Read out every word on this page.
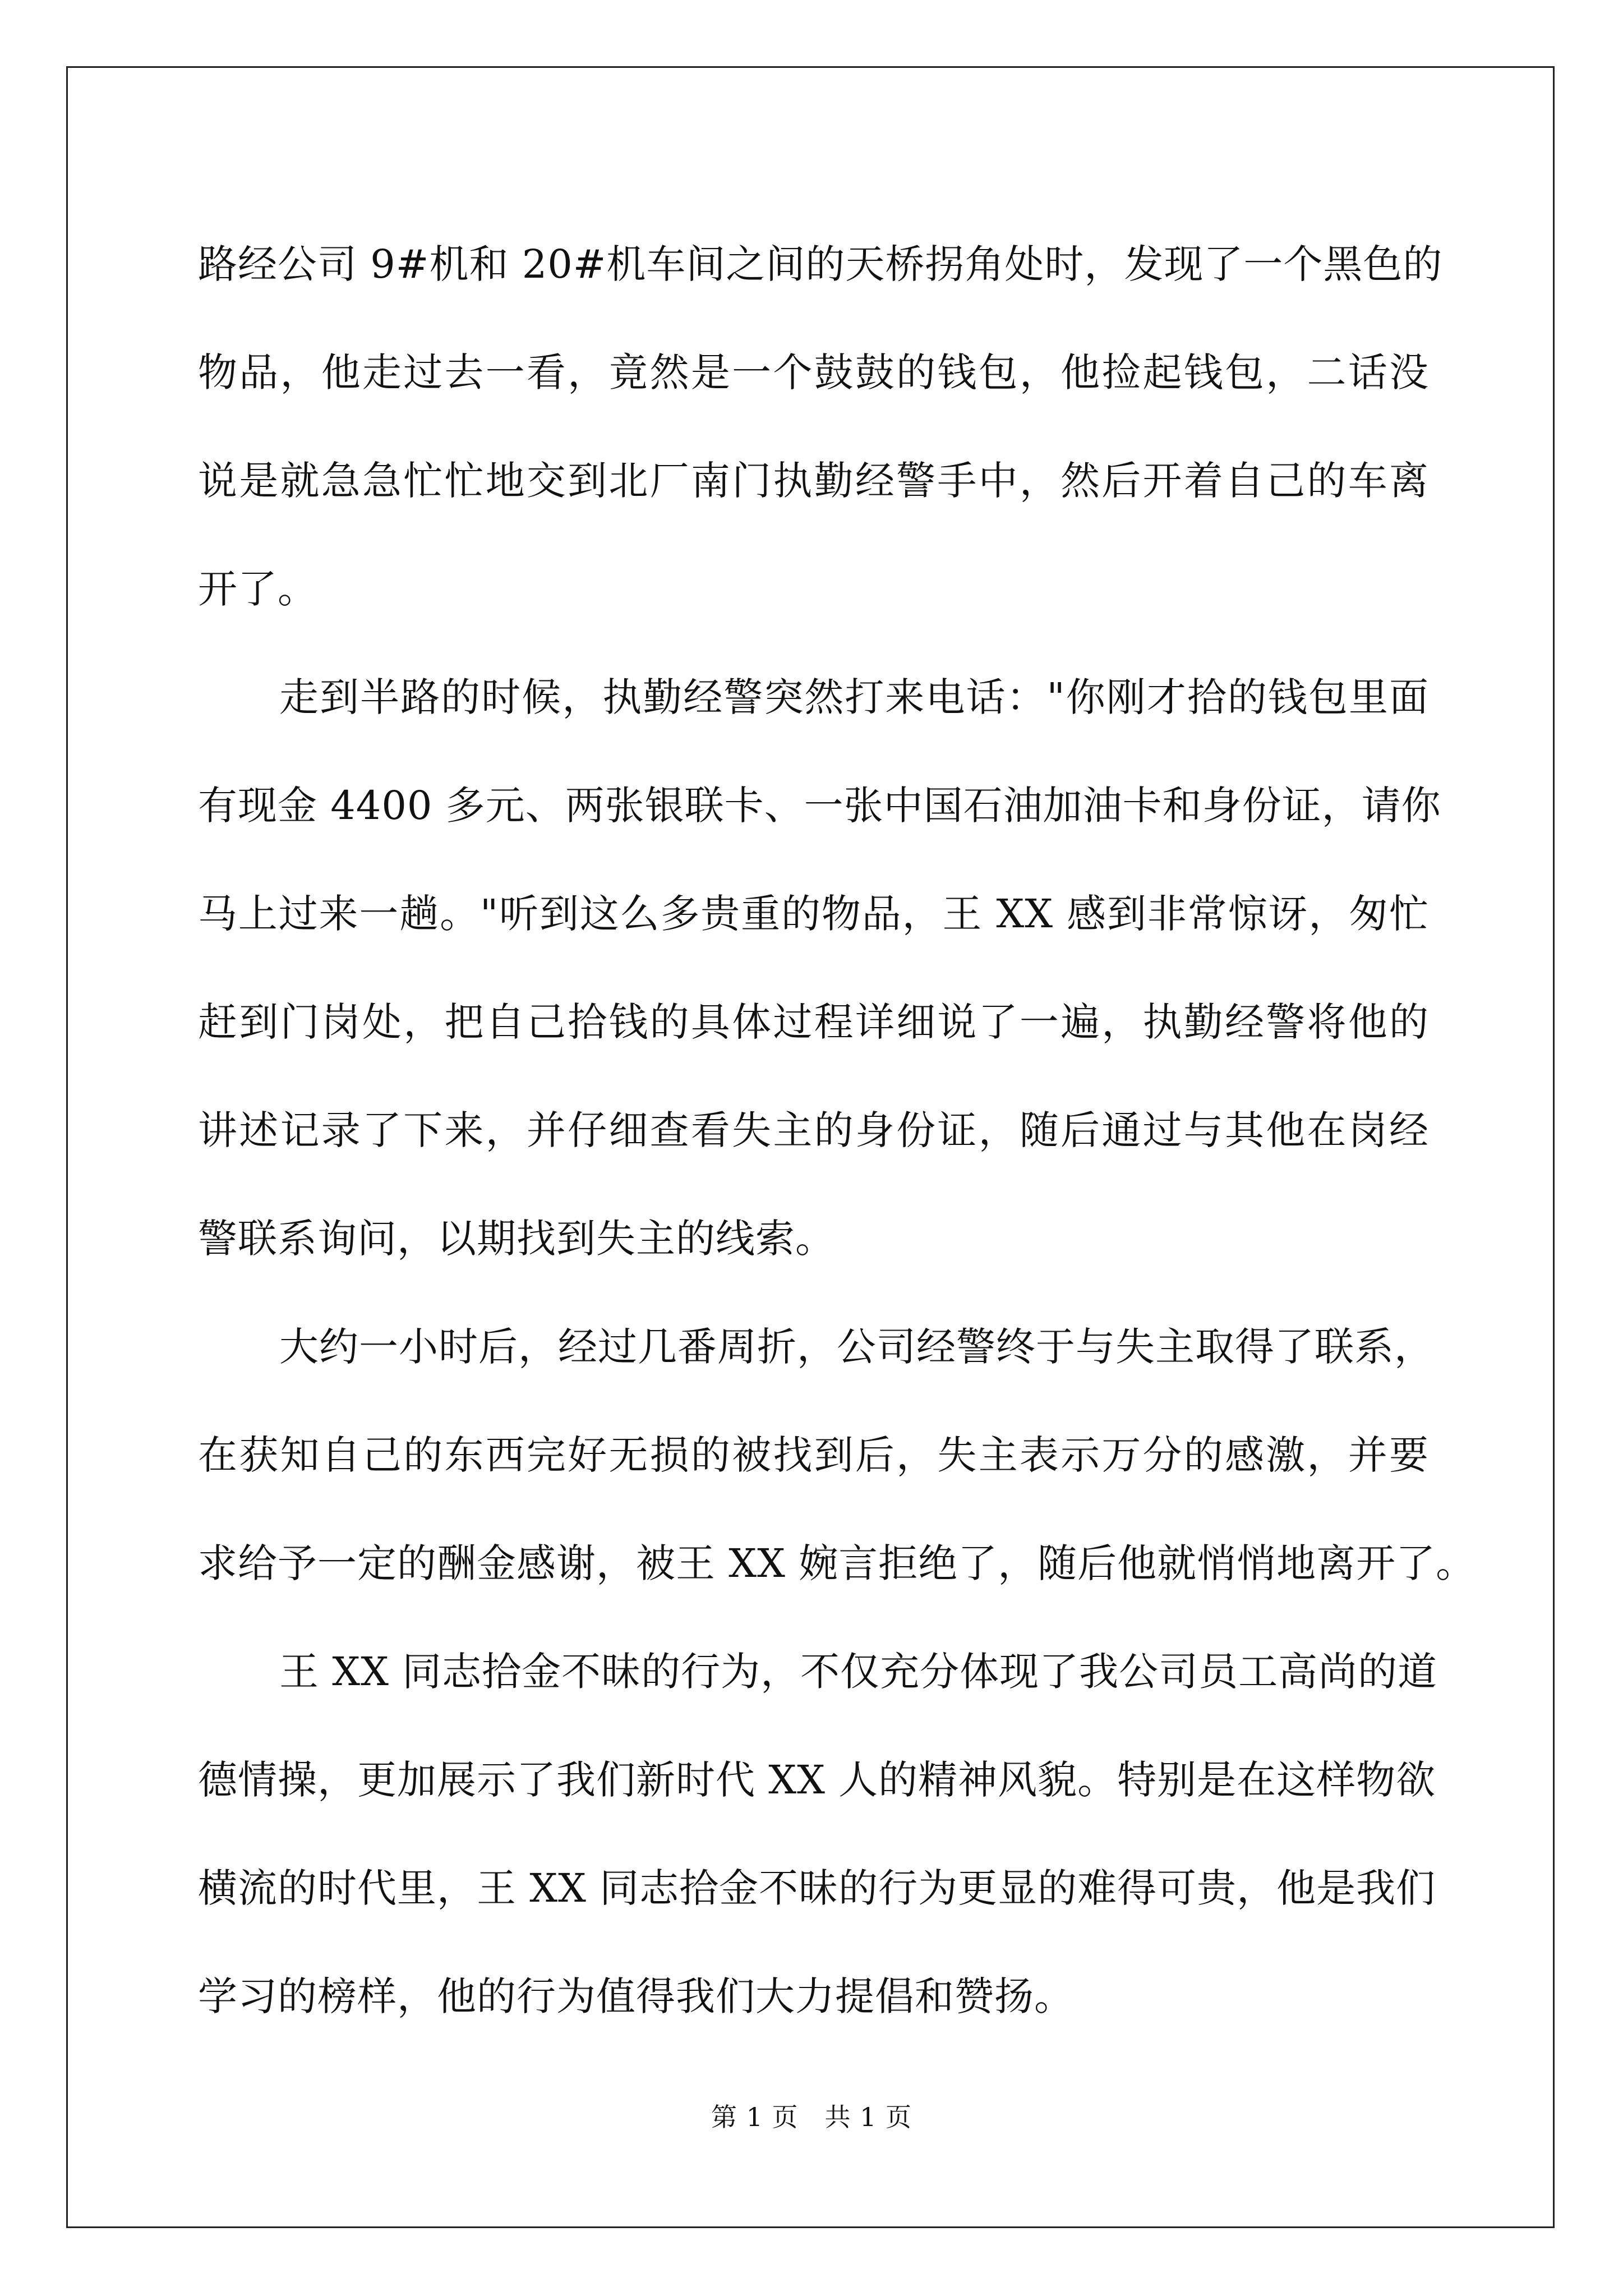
路经公司 9#机和 20#机车间之间的天桥拐角处时，发现了一个黑色的
物品，他走过去一看，竟然是一个鼓鼓的钱包，他捡起钱包，二话没
说是就急急忙忙地交到北厂南门执勤经警手中，然后开着自己的车离
开了。
走到半路的时候，执勤经警突然打来电话："你刚才拾的钱包里面
有现金 4400 多元、两张银联卡、一张中国石油加油卡和身份证，请你
马上过来一趟。"听到这么多贵重的物品，王 XX 感到非常惊讶，匆忙
赶到门岗处，把自己拾钱的具体过程详细说了一遍，执勤经警将他的
讲述记录了下来，并仔细查看失主的身份证，随后通过与其他在岗经
警联系询问，以期找到失主的线索。
大约一小时后，经过几番周折，公司经警终于与失主取得了联系，
在获知自己的东西完好无损的被找到后，失主表示万分的感激，并要
求给予一定的酬金感谢，被王 XX 婉言拒绝了，随后他就悄悄地离开了。
王 XX 同志拾金不昧的行为，不仅充分体现了我公司员工高尚的道
德情操，更加展示了我们新时代 XX 人的精神风貌。特别是在这样物欲
横流的时代里，王 XX 同志拾金不昧的行为更显的难得可贵，他是我们
学习的榜样，他的行为值得我们大力提倡和赞扬。
第 1 页　共 1 页
